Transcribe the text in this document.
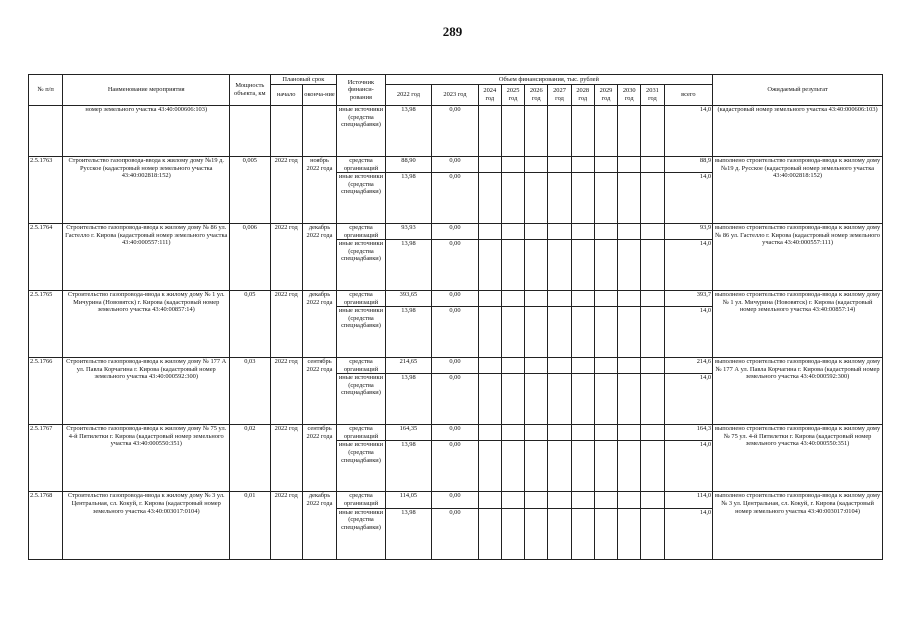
289
№ п/п	Наименование мероприятия	Мощность объекта, км	Плановый срок		Источник финанси-рования	Объем финансирования, тыс. рублей											Ожидаемый результат
			начало	оконча-ние		2022 год	2023 год	2024 год	2025 год	2026 год	2027 год	2028 год	2029 год	2030 год	2031 год	всего	

	номер земельного участка 43:40:000606:103)				иные источники (средства спецнадбавки)	13,98	0,00									14,0	(кадастровый номер земельного участка 43:40:000606:103)
2.5.1763	Строительство газопровода-ввода к жилому дому №19 д. Русское (кадастровый номер земельного участка 43:40:002818:152)	0,005	2022 год	ноябрь 2022 года	средства организаций	88,90	0,00									88,9	выполнено строительство газопровода-ввода к жилому дому №19 д. Русское (кадастровый номер земельного участка 43:40:002818:152)
					иные источники (средства спецнадбавки)	13,98	0,00									14,0	
2.5.1764	Строительство газопровода-ввода к жилому дому № 86 ул. Гастелло г. Кирова (кадастровый номер земельного участка 43:40:000557:111)	0,006	2022 год	декабрь 2022 года	средства организаций	93,93	0,00									93,9	выполнено строительство газопровода-ввода к жилому дому № 86 ул. Гастелло г. Кирова (кадастровый номер земельного участка 43:40:000557:111)
					иные источники (средства спецнадбавки)	13,98	0,00									14,0	
2.5.1765	Строительство газопровода-ввода к жилому дому № 1 ул. Мичурина (Нововятск) г. Кирова (кадастровый номер земельного участка 43:40:00857:14)	0,05	2022 год	декабрь 2022 года	средства организаций	393,65	0,00									393,7	выполнено строительство газопровода-ввода к жилому дому № 1 ул. Мичурина (Нововятск) г. Кирова (кадастровый номер земельного участка 43:40:00857:14)
					иные источники (средства спецнадбавки)	13,98	0,00									14,0	
2.5.1766	Строительство газопровода-ввода к жилому дому № 177 А ул. Павла Корчагина г. Кирова (кадастровый номер земельного участка 43:40:000592:300)	0,03	2022 год	сентябрь 2022 года	средства организаций	214,65	0,00									214,6	выполнено строительство газопровода-ввода к жилому дому № 177 А ул. Павла Корчагина г. Кирова (кадастровый номер земельного участка 43:40:000592:300)
					иные источники (средства спецнадбавки)	13,98	0,00									14,0	
2.5.1767	Строительство газопровода-ввода к жилому дому № 75 ул. 4-й Пятилетки г. Кирова (кадастровый номер земельного участка 43:40:000550:351)	0,02	2022 год	сентябрь 2022 года	средства организаций	164,35	0,00									164,3	выполнено строительство газопровода-ввода к жилому дому № 75 ул. 4-й Пятилетки г. Кирова (кадастровый номер земельного участка 43:40:000550:351)
					иные источники (средства спецнадбавки)	13,98	0,00									14,0	
2.5.1768	Строительство газопровода-ввода к жилому дому № 3 ул. Центральная, сл. Кокуй, г. Кирова (кадастровый номер земельного участка 43:40:003017:0104)	0,01	2022 год	декабрь 2022 года	средства организаций	114,05	0,00									114,0	выполнено строительство газопровода-ввода к жилому дому № 3 ул. Центральная, сл. Кокуй, г. Кирова (кадастровый номер земельного участка 43:40:003017:0104)
					иные источники (средства спецнадбавки)	13,98	0,00									14,0	
